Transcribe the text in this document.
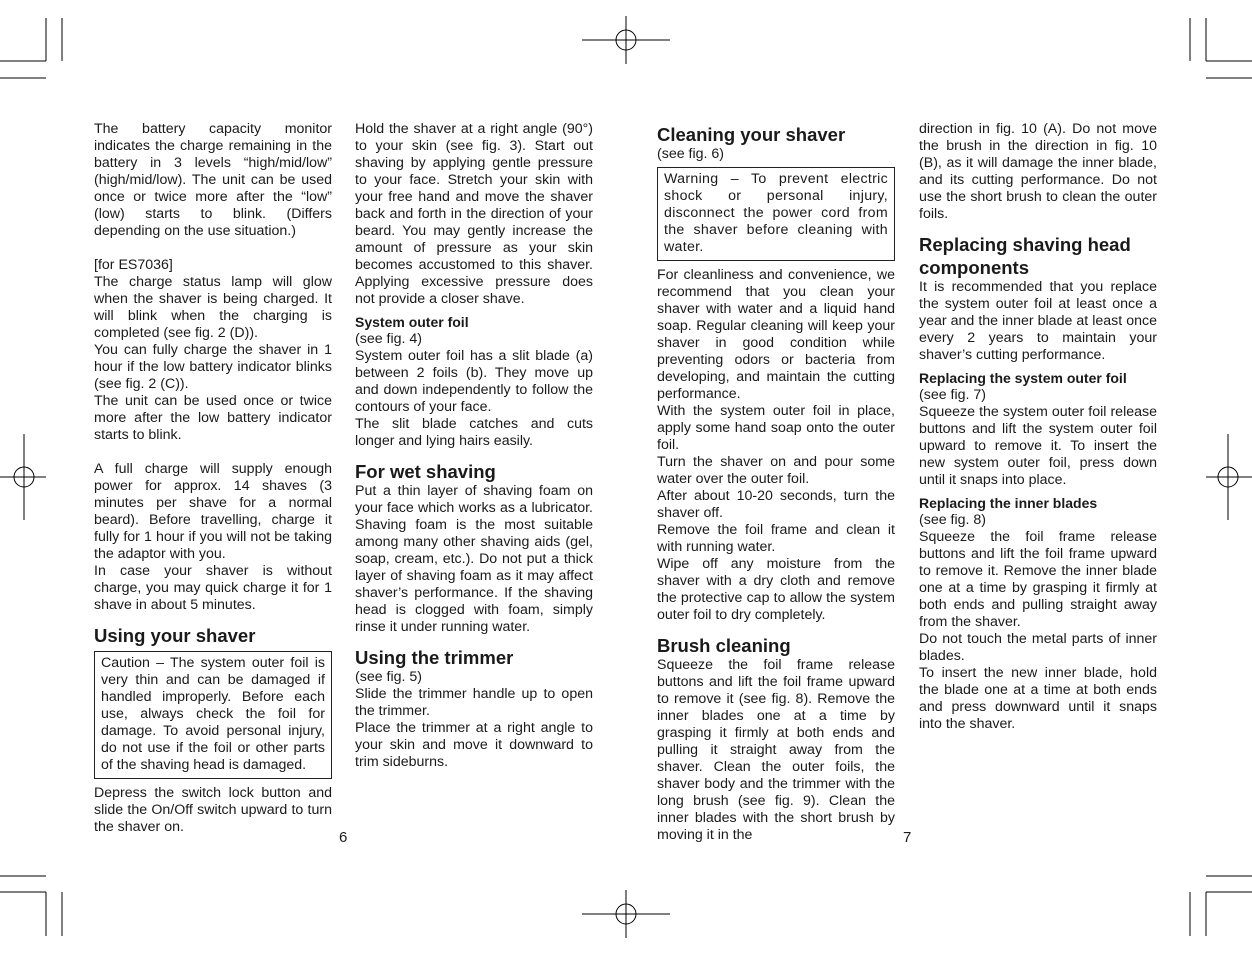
The battery capacity monitor indicates the charge remaining in the battery in 3 levels “high/mid/low” (high/mid/low). The unit can be used once or twice more after the “low” (low) starts to blink. (Differs depending on the use situation.)

[for ES7036]

The charge status lamp will glow when the shaver is being charged. It will blink when the charging is completed (see fig. 2 (D)).

You can fully charge the shaver in 1 hour if the low battery indicator blinks (see fig. 2 (C)).

The unit can be used once or twice more after the low battery indicator starts to blink.

A full charge will supply enough power for approx. 14 shaves (3 minutes per shave for a normal beard). Before travelling, charge it fully for 1 hour if you will not be taking the adaptor with you.

In case your shaver is without charge, you may quick charge it for 1 shave in about 5 minutes.

Using your shaver
Caution – The system outer foil is very thin and can be damaged if handled improperly. Before each use, always check the foil for damage. To avoid personal injury, do not use if the foil or other parts of the shaving head is damaged.

Depress the switch lock button and slide the On/Off switch upward to turn the shaver on.

Hold the shaver at a right angle (90°) to your skin (see fig. 3). Start out shaving by applying gentle pressure to your face. Stretch your skin with your free hand and move the shaver back and forth in the direction of your beard. You may gently increase the amount of pressure as your skin becomes accustomed to this shaver. Applying excessive pressure does not provide a closer shave.

System outer foil

(see fig. 4)

System outer foil has a slit blade (a) between 2 foils (b). They move up and down independently to follow the contours of your face.

The slit blade catches and cuts longer and lying hairs easily.

For wet shaving

Put a thin layer of shaving foam on your face which works as a lubricator. Shaving foam is the most suitable among many other shaving aids (gel, soap, cream, etc.). Do not put a thick layer of shaving foam as it may affect shaver’s performance. If the shaving head is clogged with foam, simply rinse it under running water.

Using the trimmer

(see fig. 5)

Slide the trimmer handle up to open the trimmer.

Place the trimmer at a right angle to your skin and move it downward to trim sideburns.

Cleaning your shaver

(see fig. 6)

Warning – To prevent electric shock or personal injury, disconnect the power cord from the shaver before cleaning with water.

For cleanliness and convenience, we recommend that you clean your shaver with water and a liquid hand soap. Regular cleaning will keep your shaver in good condition while preventing odors or bacteria from developing, and maintain the cutting performance.

With the system outer foil in place, apply some hand soap onto the outer foil.

Turn the shaver on and pour some water over the outer foil.

After about 10-20 seconds, turn the shaver off.

Remove the foil frame and clean it with running water.

Wipe off any moisture from the shaver with a dry cloth and remove the protective cap to allow the system outer foil to dry completely.

Brush cleaning

Squeeze the foil frame release buttons and lift the foil frame upward to remove it (see fig. 8). Remove the inner blades one at a time by grasping it firmly at both ends and pulling it straight away from the shaver. Clean the outer foils, the shaver body and the trimmer with the long brush (see fig. 9). Clean the inner blades with the short brush by moving it in the

direction in fig. 10 (A). Do not move the brush in the direction in fig. 10 (B), as it will damage the inner blade, and its cutting performance. Do not use the short brush to clean the outer foils.

Replacing shaving head components

It is recommended that you replace the system outer foil at least once a year and the inner blade at least once every 2 years to maintain your shaver’s cutting performance.

Replacing the system outer foil

(see fig. 7)

Squeeze the system outer foil release buttons and lift the system outer foil upward to remove it. To insert the new system outer foil, press down until it snaps into place.

Replacing the inner blades

(see fig. 8)

Squeeze the foil frame release buttons and lift the foil frame upward to remove it. Remove the inner blade one at a time by grasping it firmly at both ends and pulling straight away from the shaver.

Do not touch the metal parts of inner blades.

To insert the new inner blade, hold the blade one at a time at both ends and press downward until it snaps into the shaver.

6	7
